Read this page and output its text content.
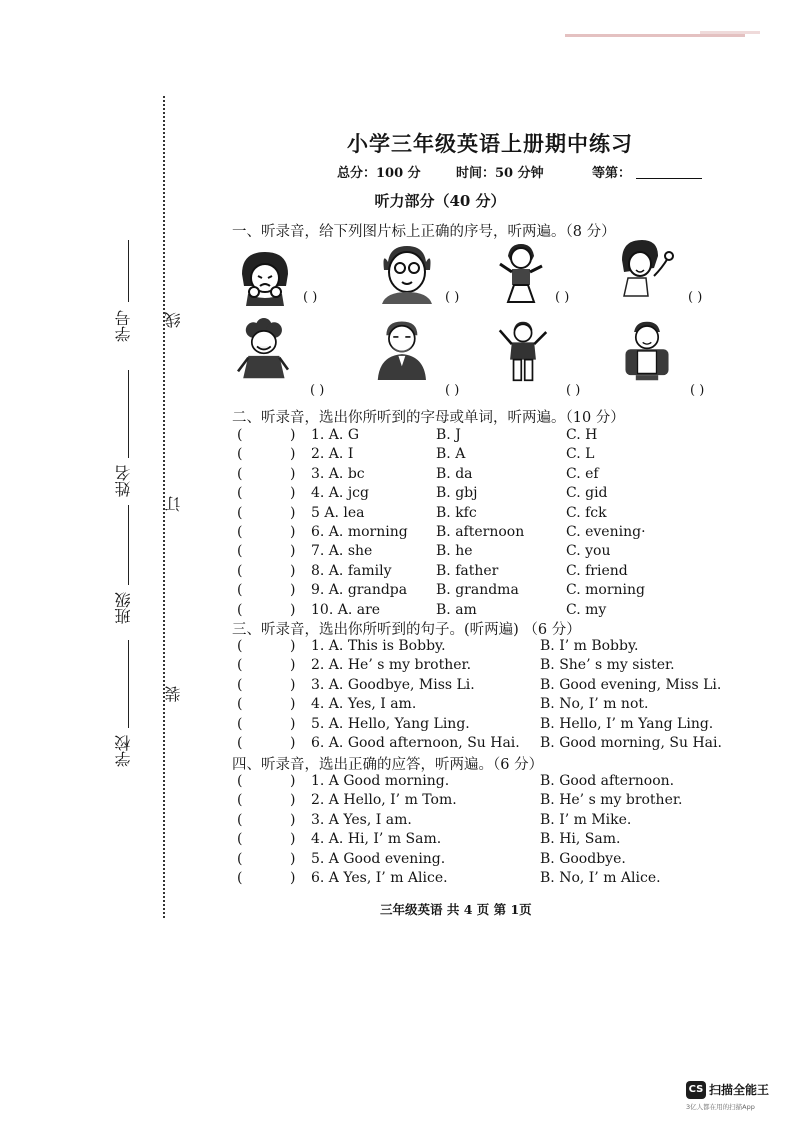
学号
姓名
班级
学校
线
订
装
小学三年级英语上册期中练习
总分：100 分	时间：50 分钟	等第：
听力部分（40 分）
一、听录音，给下列图片标上正确的序号，听两遍。（8 分）
( )	( )	( )	( )
( )	( )	( )	( )
二、听录音，选出你所听到的字母或单词，听两遍。（10 分）
(	) 1. A. G	B. J	C. H
(	) 2. A. I	B. A	C. L
(	) 3. A. bc	B. da	C. ef
(	) 4. A. jcg	B. gbj	C. gid
(	) 5 A. lea	B. kfc	C. fck
(	) 6. A. morning B. afternoon	C. evening·
(	) 7. A. she	B. he	C. you
(	) 8. A. family	B. father	C. friend
(	) 9. A. grandpa B. grandma	C. morning
(	) 10. A. are	B. am	C. my
三、听录音，选出你所听到的句子。(听两遍) （6 分）
(	) 1. A. This is Bobby.	B. I’ m Bobby.
(	) 2. A. He’ s my brother.	B. She’ s my sister.
(	) 3. A. Goodbye, Miss Li.	B. Good evening, Miss Li.
(	) 4. A. Yes, I am.	B. No, I’ m not.
(	) 5. A. Hello, Yang Ling.	B. Hello, I’ m Yang Ling.
(	) 6. A. Good afternoon, Su Hai. B. Good morning, Su Hai.
四、听录音，选出正确的应答，听两遍。（6 分）
(	) 1. A Good morning.	B. Good afternoon.
(	) 2. A Hello, I’ m Tom.	B. He’ s my brother.
(	) 3. A Yes, I am.	B. I’ m Mike.
(	) 4. A. Hi, I’ m Sam.	B. Hi, Sam.
(	) 5. A Good evening.	B. Goodbye.
(	) 6. A Yes, I’ m Alice.	B. No, I’ m Alice.
三年级英语 共 4 页 第 1页
CS 扫描全能王
3亿人都在用的扫描App
